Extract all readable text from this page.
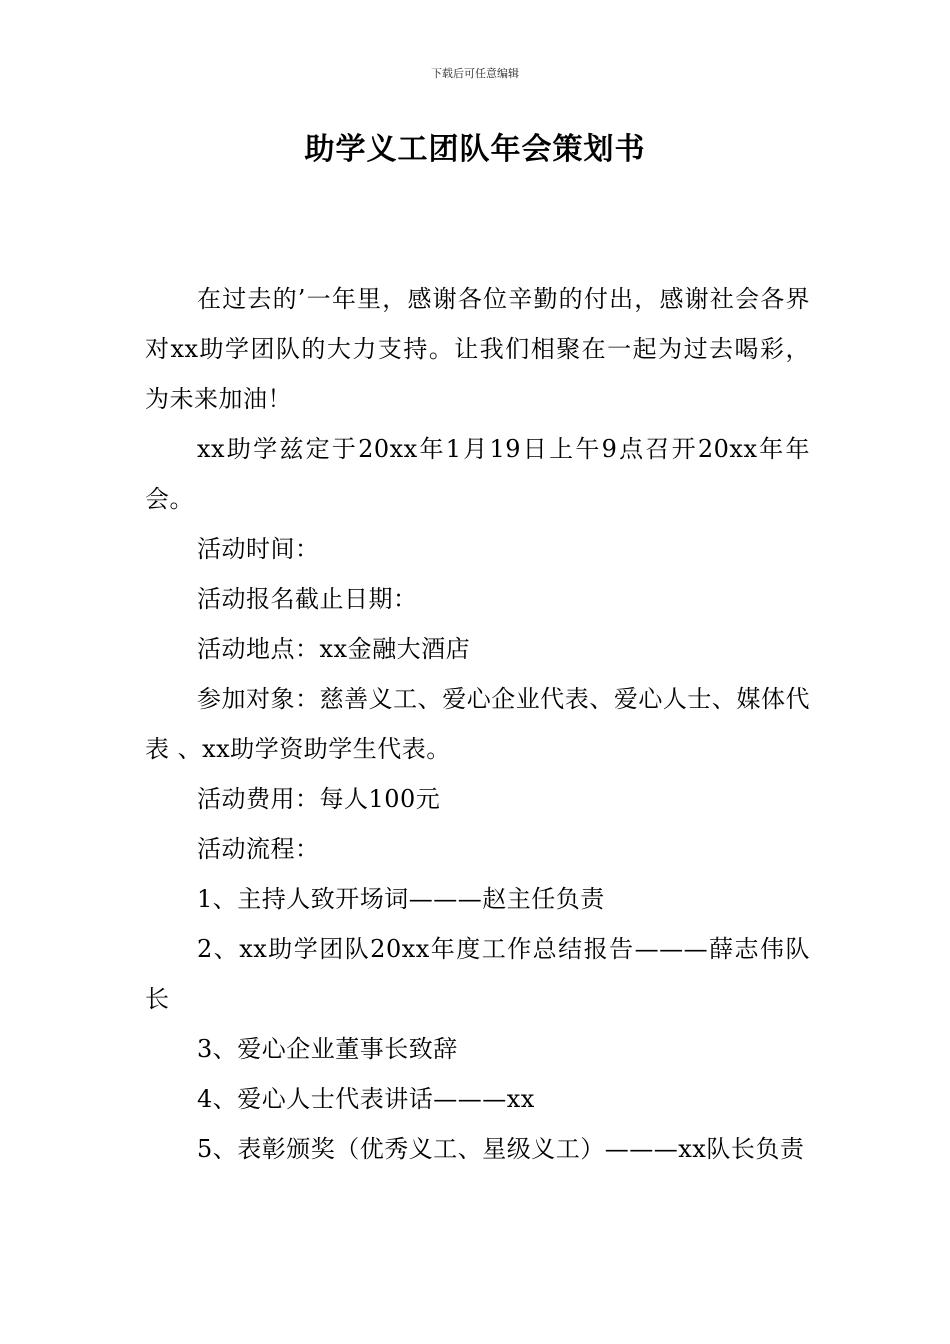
下载后可任意编辑
助学义工团队年会策划书

在过去的’一年里，感谢各位辛勤的付出，感谢社会各界对xx助学团队的大力支持。让我们相聚在一起为过去喝彩，为未来加油！

xx助学兹定于20xx年1月19日上午9点召开20xx年年会。

活动时间：

活动报名截止日期：

活动地点：xx金融大酒店

参加对象：慈善义工、爱心企业代表、爱心人士、媒体代表 、xx助学资助学生代表。

活动费用：每人100元

活动流程：

1、主持人致开场词———赵主任负责

2、xx助学团队20xx年度工作总结报告———薛志伟队长

3、爱心企业董事长致辞

4、爱心人士代表讲话———xx

5、表彰颁奖（优秀义工、星级义工）———xx队长负责
